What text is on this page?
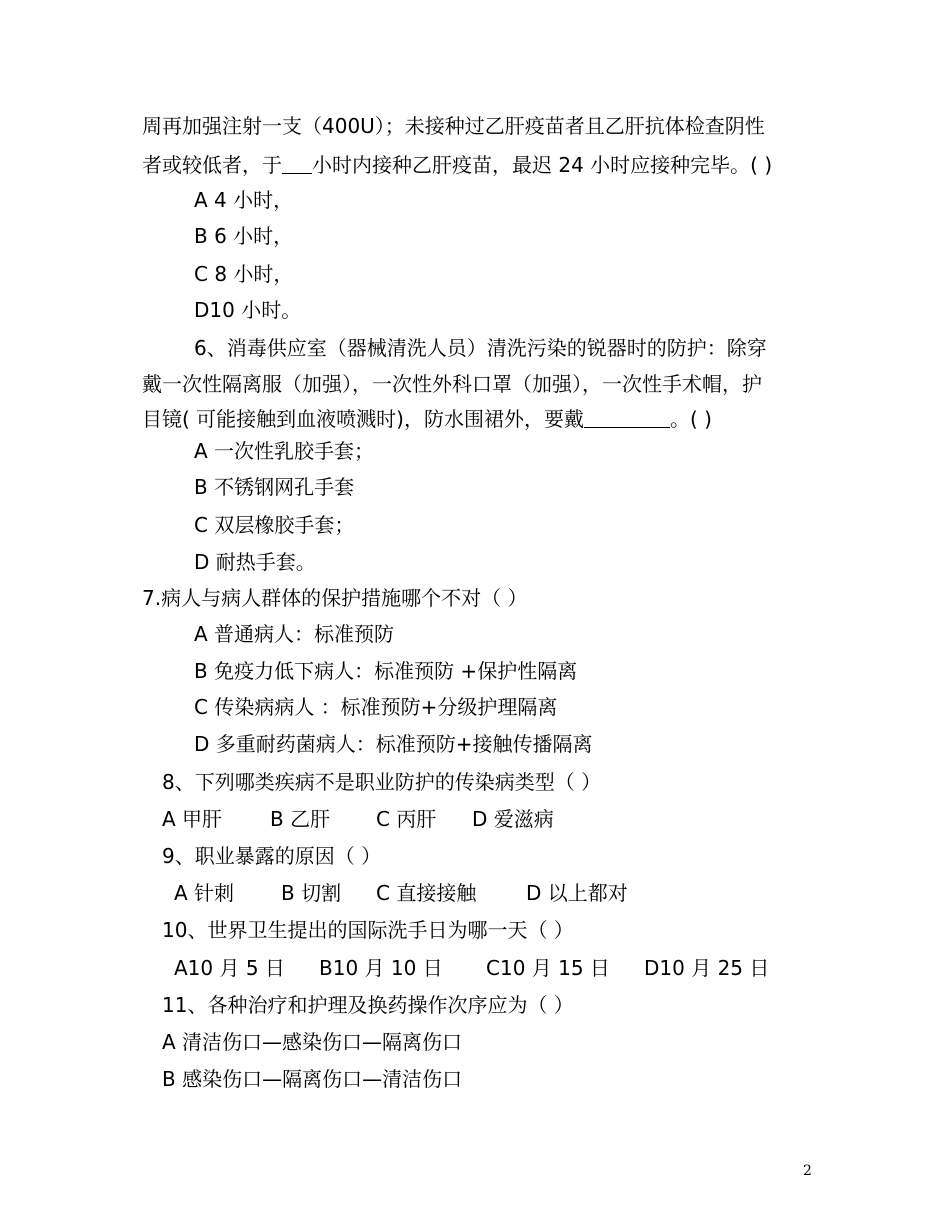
周再加强注射一支（400U）；未接种过乙肝疫苗者且乙肝抗体检查阴性
者或较低者，于 小时内接种乙肝疫苗，最迟 24 小时应接种完毕。( )
A 4 小时，
B 6 小时，
C 8 小时，
D10 小时。
6、消毒供应室（器械清洗人员）清洗污染的锐器时的防护：除穿
戴一次性隔离服（加强），一次性外科口罩（加强），一次性手术帽，护
目镜( 可能接触到血液喷溅时)，防水围裙外，要戴	。( )
A 一次性乳胶手套；
B 不锈钢网孔手套
C 双层橡胶手套；
D 耐热手套。
7.病人与病人群体的保护措施哪个不对（ ）
A 普通病人：标准预防
B 免疫力低下病人：标准预防 +保护性隔离
C 传染病病人 ：标准预防+分级护理隔离
D 多重耐药菌病人：标准预防+接触传播隔离
8、下列哪类疾病不是职业防护的传染病类型（ ）
A 甲肝 B 乙肝 C 丙肝 D 爱滋病
9、职业暴露的原因（ ）
A 针刺 B 切割 C 直接接触 D 以上都对
10、世界卫生提出的国际洗手日为哪一天（ ）
A10 月 5 日 B10 月 10 日 C10 月 15 日 D10 月 25 日
11、各种治疗和护理及换药操作次序应为（ ）
A 清洁伤口—感染伤口—隔离伤口
B 感染伤口—隔离伤口—清洁伤口
2
